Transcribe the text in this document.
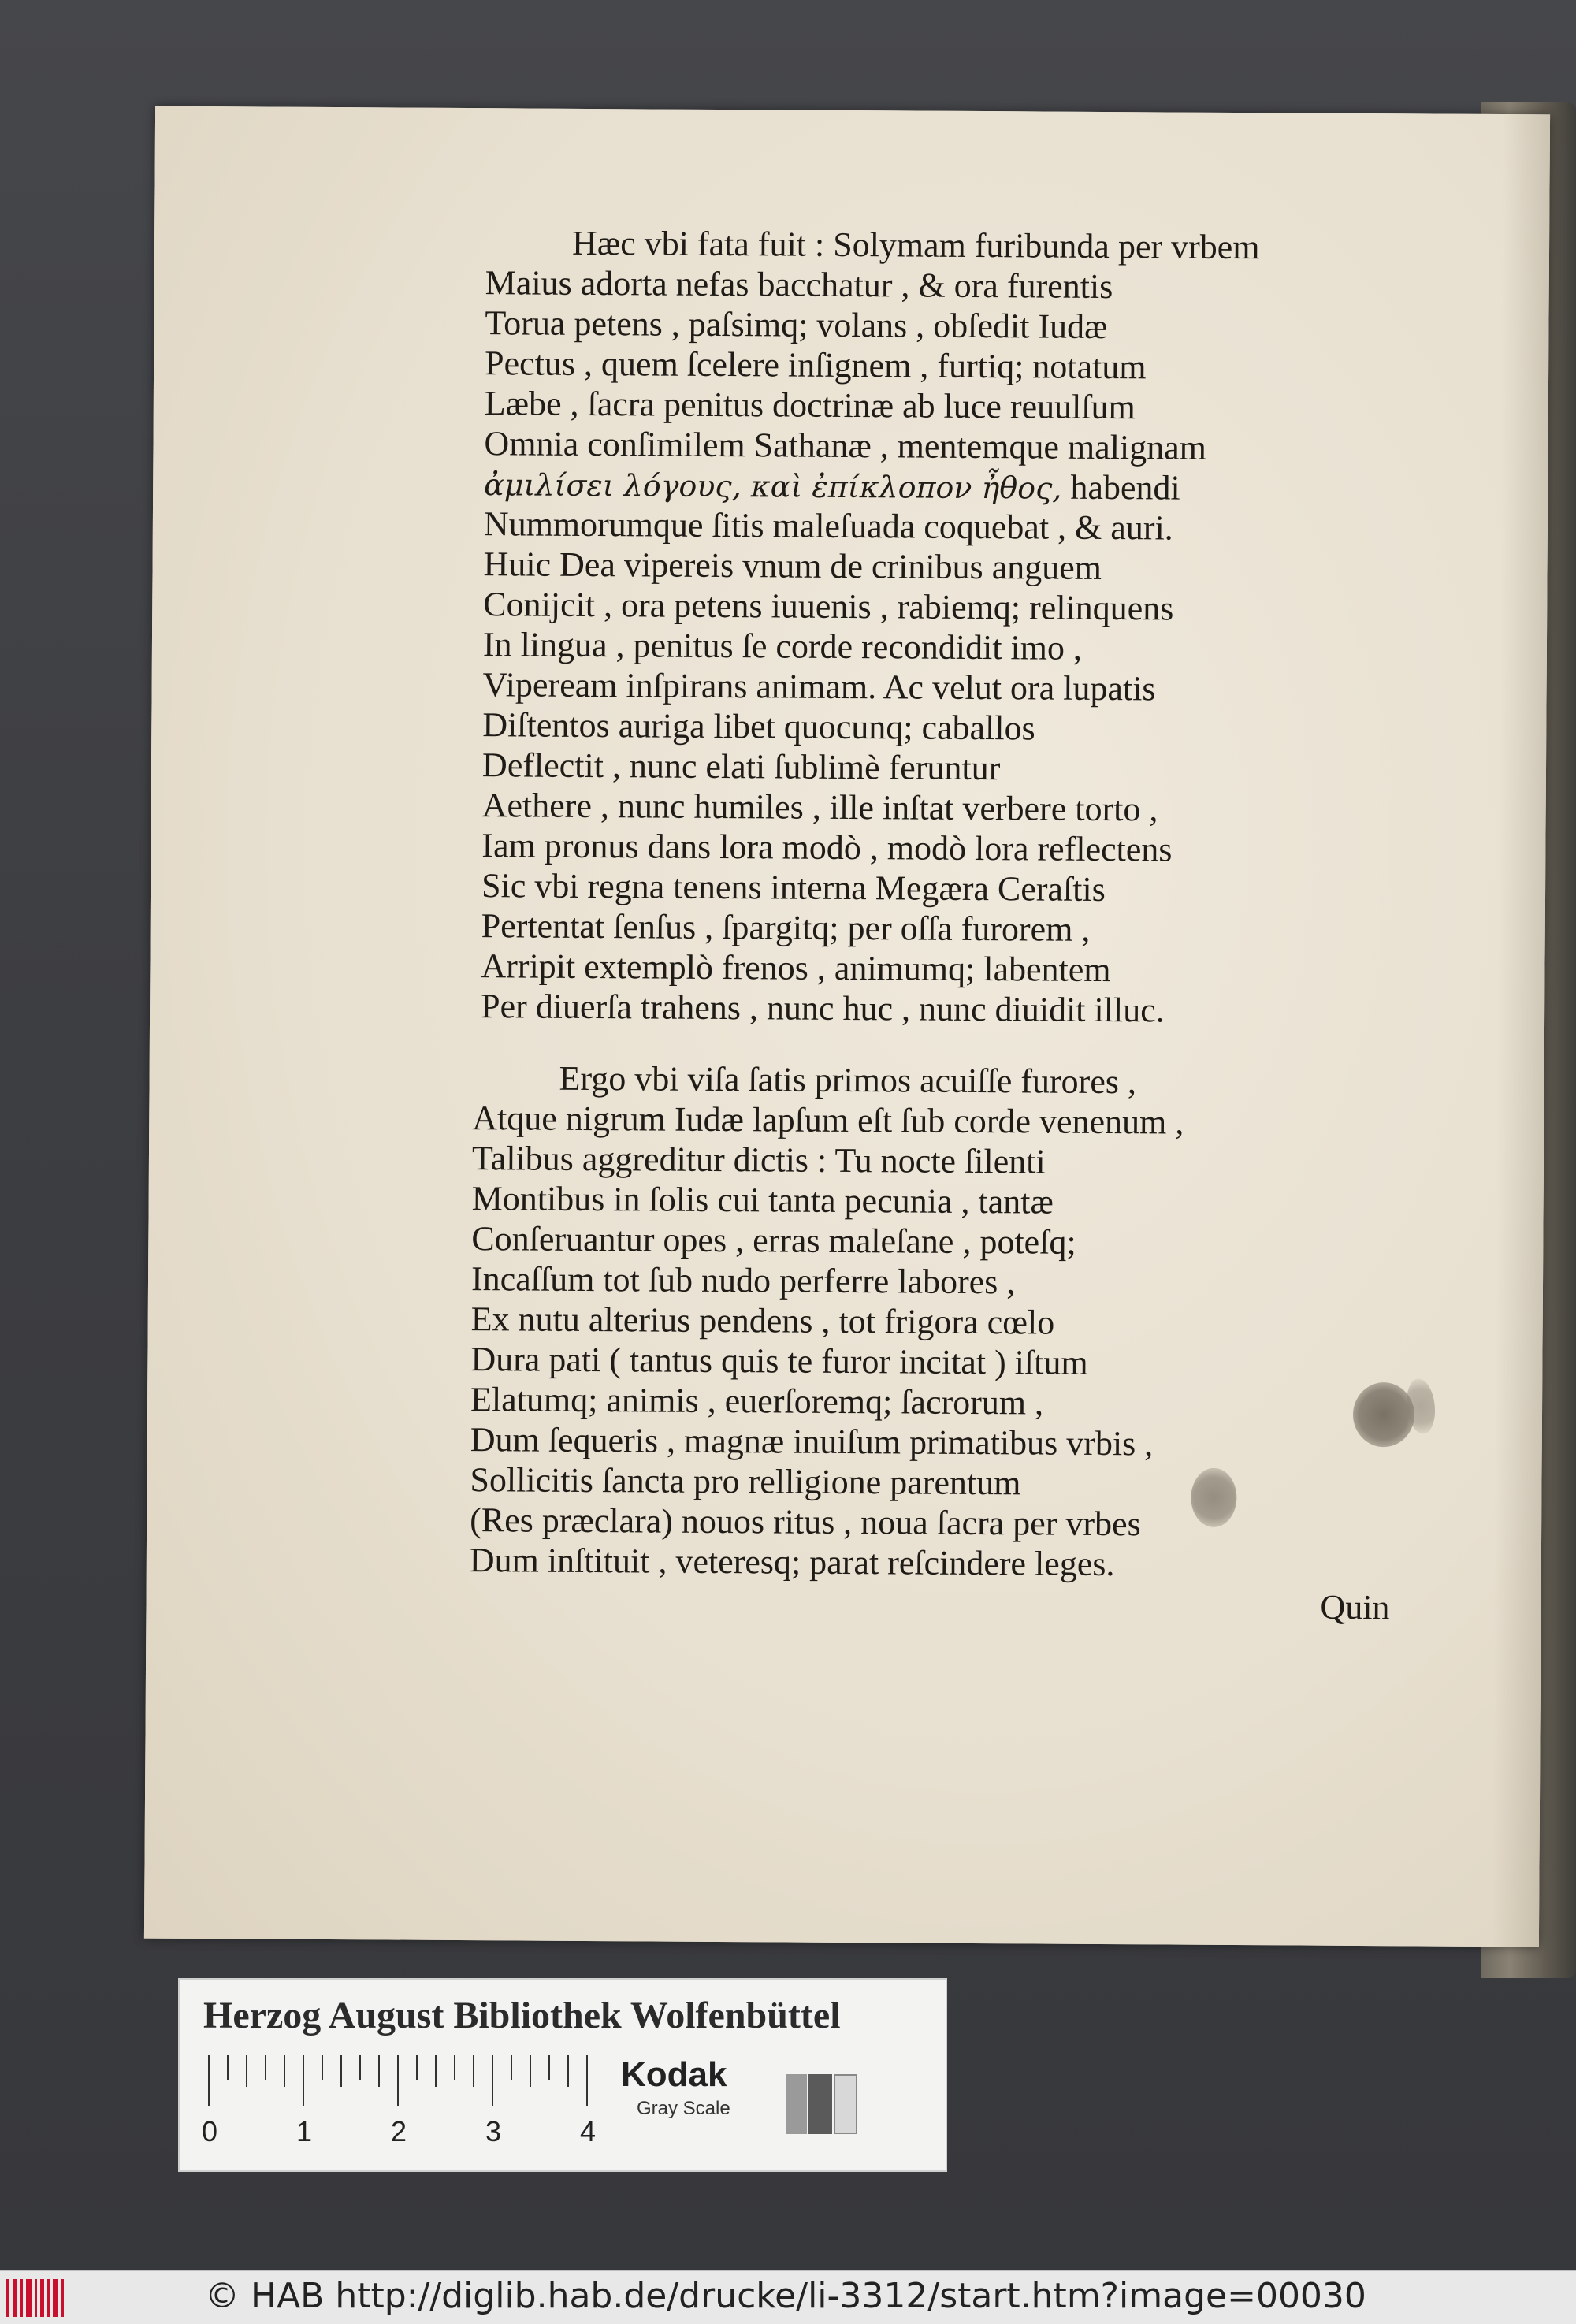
Hæc vbi fata fuit : Solymam furibunda per vrbem
Maius adorta nefas bacchatur , & ora furentis
Torua petens , paſsimq; volans , obſedit Iudæ
Pectus , quem ſcelere inſignem , furtiq; notatum
Læbe , ſacra penitus doctrinæ ab luce reuulſum
Omnia conſimilem Sathanæ , mentemque malignam
ἀμιλίσει λόγους, καὶ ἐπίκλοπον ἦθος, habendi
Nummorumque ſitis maleſuada coquebat , & auri.
Huic Dea vipereis vnum de crinibus anguem
Conijcit , ora petens iuuenis , rabiemq; relinquens
In lingua , penitus ſe corde recondidit imo ,
Vipeream inſpirans animam. Ac velut ora lupatis
Diſtentos auriga libet quocunq; caballos
Deflectit , nunc elati ſublimè feruntur
Aethere , nunc humiles , ille inſtat verbere torto ,
Iam pronus dans lora modò , modò lora reflectens
Sic vbi regna tenens interna Megæra Ceraſtis
Pertentat ſenſus , ſpargitq; per oſſa furorem ,
Arripit extemplò frenos , animumq; labentem
Per diuerſa trahens , nunc huc , nunc diuidit illuc.
Ergo vbi viſa ſatis primos acuiſſe furores ,
Atque nigrum Iudæ lapſum eſt ſub corde venenum ,
Talibus aggreditur dictis : Tu nocte ſilenti
Montibus in ſolis cui tanta pecunia , tantæ
Conſeruantur opes , erras maleſane , poteſq;
Incaſſum tot ſub nudo perferre labores ,
Ex nutu alterius pendens , tot frigora cœlo
Dura pati ( tantus quis te furor incitat ) iſtum
Elatumq; animis , euerſoremq; ſacrorum ,
Dum ſequeris , magnæ inuiſum primatibus vrbis ,
Sollicitis ſancta pro relligione parentum
(Res præclara) nouos ritus , noua ſacra per vrbes
Dum inſtituit , veteresq; parat reſcindere leges.
Quin
Herzog August Bibliothek Wolfenbüttel
0	1	2	3	4
Kodak
Gray Scale
© HAB http://diglib.hab.de/drucke/li-3312/start.htm?image=00030
